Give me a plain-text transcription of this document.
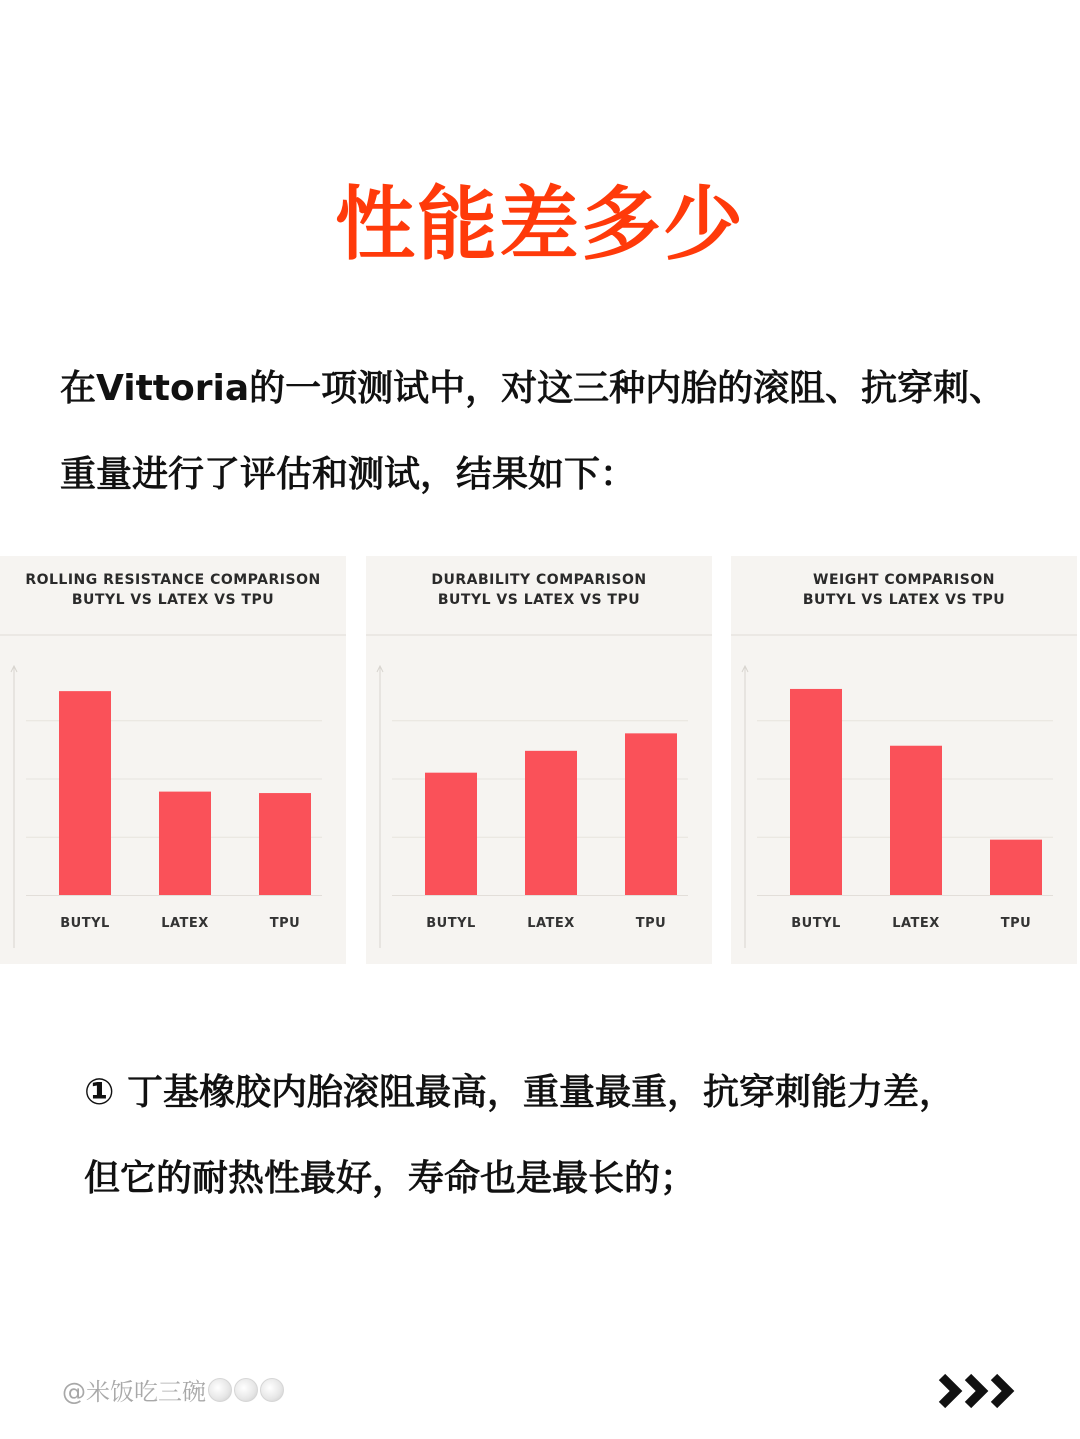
性能差多少
在Vittoria的一项测试中，对这三种内胎的滚阻、抗穿刺、重量进行了评估和测试，结果如下：
ROLLING RESISTANCE COMPARISON
BUTYL VS LATEX VS TPU
BUTYL	LATEX	TPU
DURABILITY COMPARISON
BUTYL VS LATEX VS TPU
BUTYL	LATEX	TPU
WEIGHT COMPARISON
BUTYL VS LATEX VS TPU
BUTYL	LATEX	TPU
① 丁基橡胶内胎滚阻最高，重量最重，抗穿刺能力差，但它的耐热性最好，寿命也是最长的；
@米饭吃三碗
